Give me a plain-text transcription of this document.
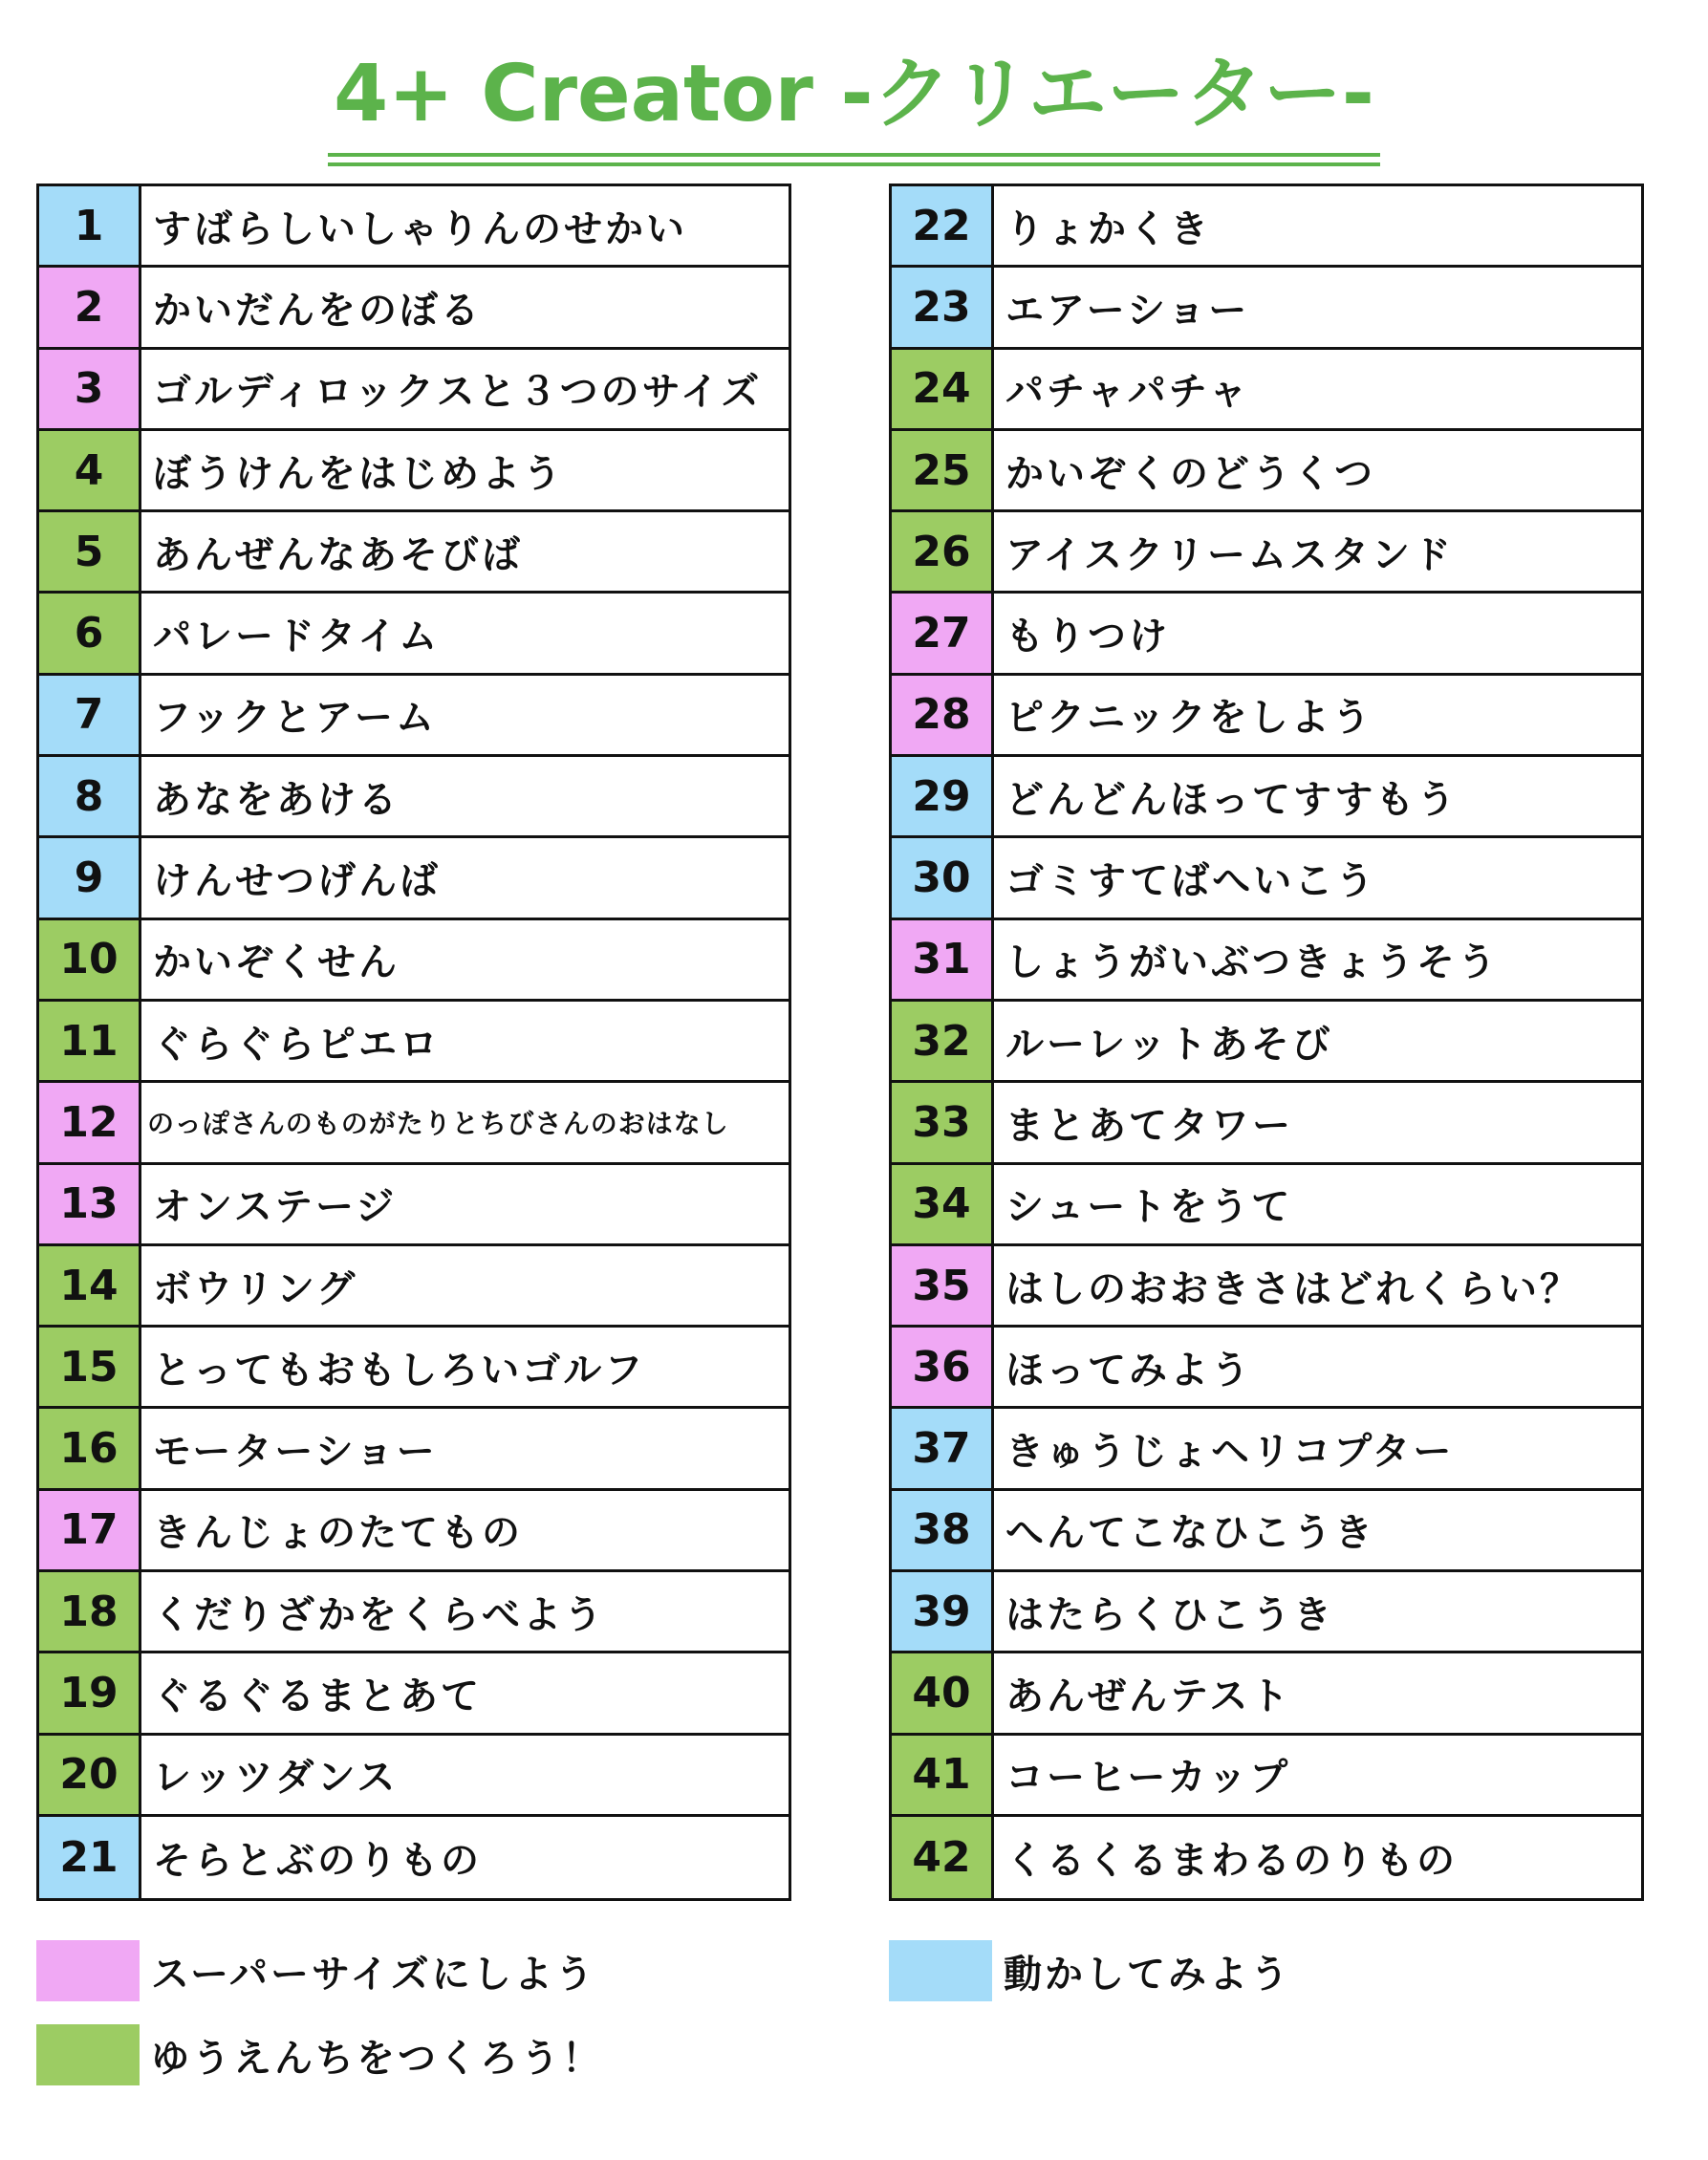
4+ Creator -クリエーター-
1	すばらしいしゃりんのせかい
2	かいだんをのぼる
3	ゴルディロックスと３つのサイズ
4	ぼうけんをはじめよう
5	あんぜんなあそびば
6	パレードタイム
7	フックとアーム
8	あなをあける
9	けんせつげんば
10 かいぞくせん
11 ぐらぐらピエロ
12	のっぽさんのものがたりとちびさんのおはなし
13 オンステージ
14 ボウリング
15 とってもおもしろいゴルフ
16 モーターショー
17 きんじょのたてもの
18 くだりざかをくらべよう
19 ぐるぐるまとあて
20 レッツダンス
21 そらとぶのりもの
22 りょかくき
23 エアーショー
24 パチャパチャ
25 かいぞくのどうくつ
26 アイスクリームスタンド
27 もりつけ
28 ピクニックをしよう
29 どんどんほってすすもう
30 ゴミすてばへいこう
31 しょうがいぶつきょうそう
32 ルーレットあそび
33 まとあてタワー
34 シュートをうて
35 はしのおおきさはどれくらい？
36 ほってみよう
37 きゅうじょヘリコプター
38 へんてこなひこうき
39 はたらくひこうき
40 あんぜんテスト
41 コーヒーカップ
42 くるくるまわるのりもの
スーパーサイズにしよう	動かしてみよう
ゆうえんちをつくろう！
